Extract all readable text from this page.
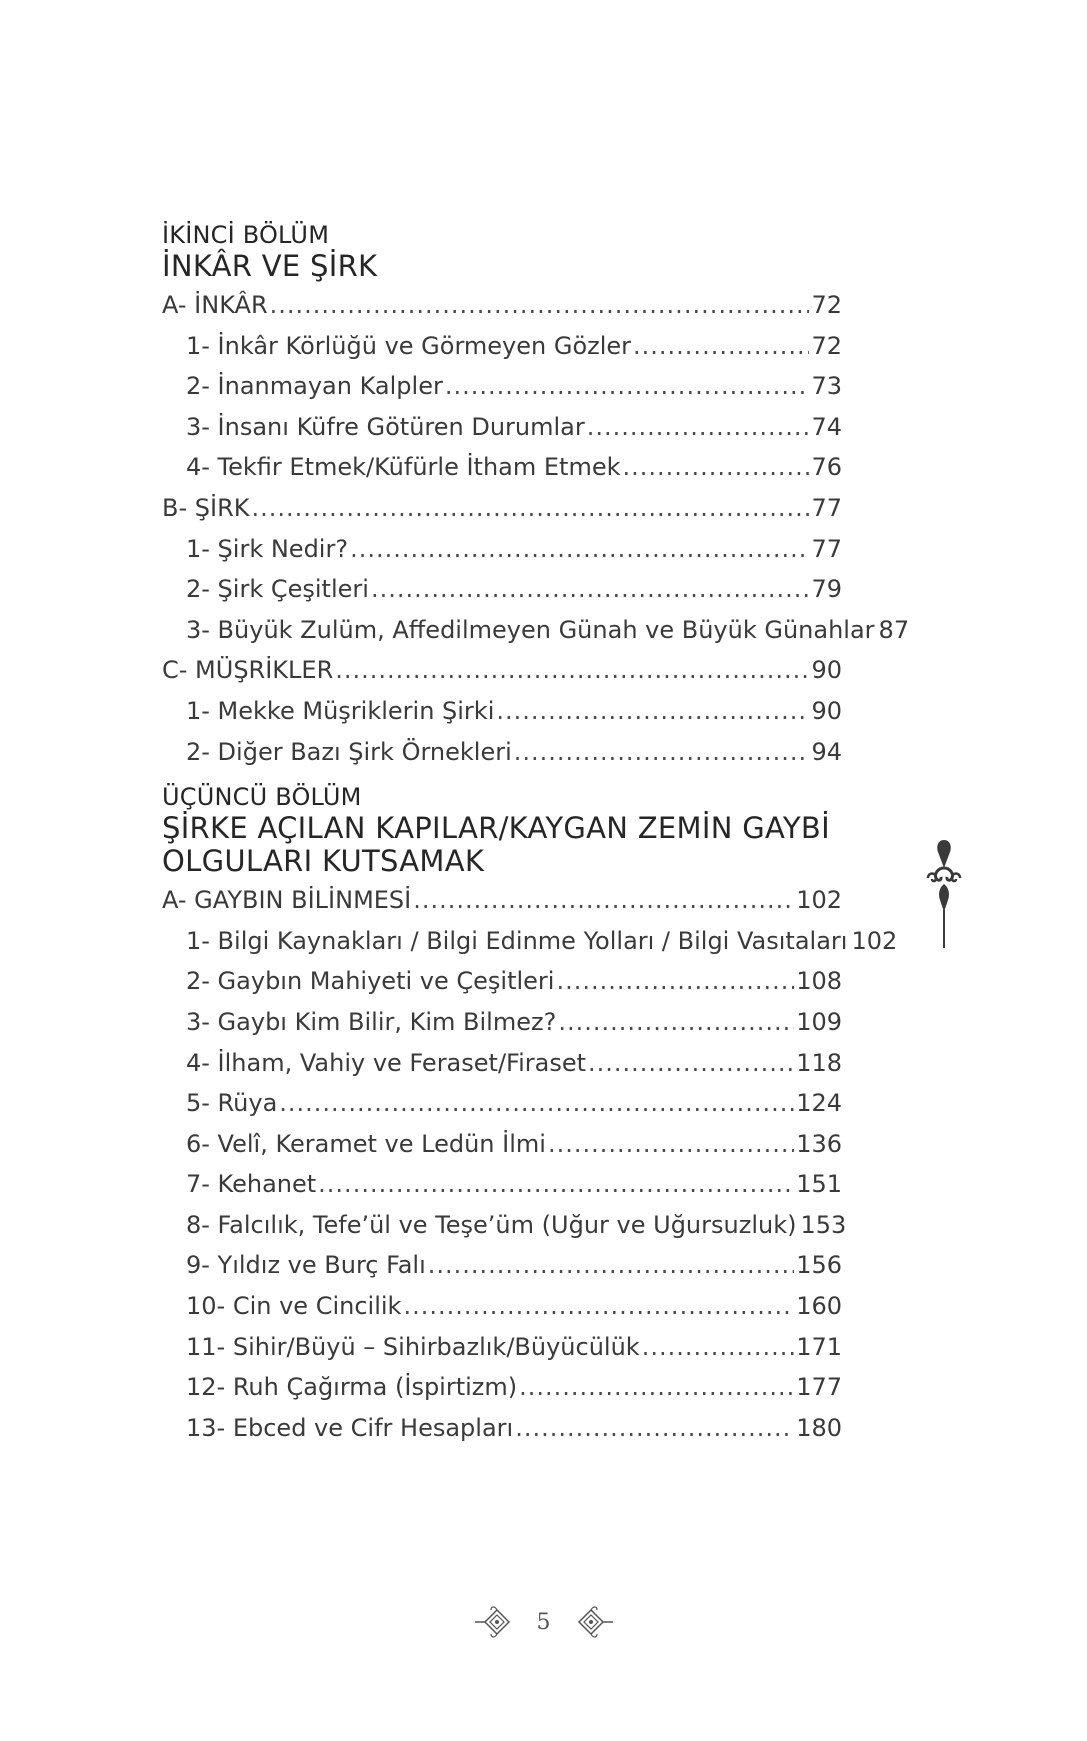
İKİNCİ BÖLÜM
İNKÂR VE ŞİRK
A- İNKÂR .....	72
1- İnkâr Körlüğü ve Görmeyen Gözler .....	72
2- İnanmayan Kalpler .....	73
3- İnsanı Küfre Götüren Durumlar .....	74
4- Tekfir Etmek/Küfürle İtham Etmek .....	76
B- ŞİRK .....	77
1- Şirk Nedir? .....	77
2- Şirk Çeşitleri .....	79
3- Büyük Zulüm, Affedilmeyen Günah ve Büyük Günahlar 87
C- MÜŞRİKLER .....	90
1- Mekke Müşriklerin Şirki .....	90
2- Diğer Bazı Şirk Örnekleri .....	94
ÜÇÜNCÜ BÖLÜM
ŞİRKE AÇILAN KAPILAR/KAYGAN ZEMİN GAYBİ
OLGULARI KUTSAMAK
A- GAYBIN BİLİNMESİ .....	102
1- Bilgi Kaynakları / Bilgi Edinme Yolları / Bilgi Vasıtaları 102
2- Gaybın Mahiyeti ve Çeşitleri .....	108
3- Gaybı Kim Bilir, Kim Bilmez? .....	109
4- İlham, Vahiy ve Feraset/Firaset .....	118
5- Rüya .....	124
6- Velî, Keramet ve Ledün İlmi .....	136
7- Kehanet .....	151
8- Falcılık, Tefe’ül ve Teşe’üm (Uğur ve Uğursuzluk) 153
9- Yıldız ve Burç Falı .....	156
10- Cin ve Cincilik .....	160
11- Sihir/Büyü – Sihirbazlık/Büyücülük .....	171
12- Ruh Çağırma (İspirtizm) .....	177
13- Ebced ve Cifr Hesapları .....	180
5
